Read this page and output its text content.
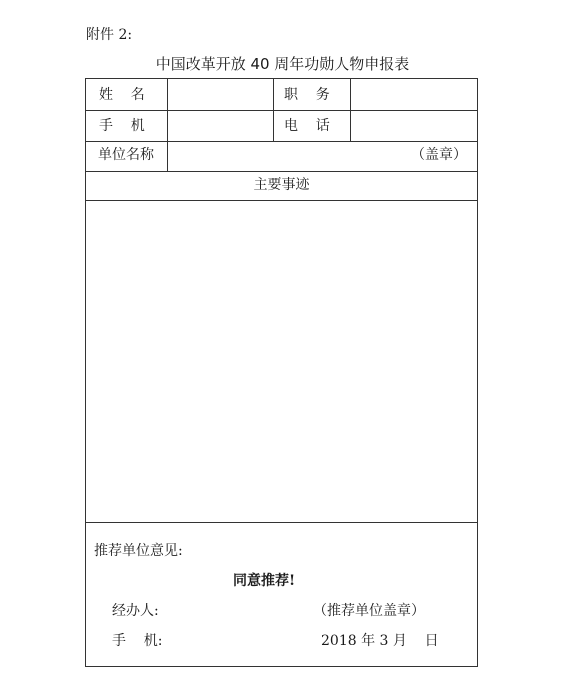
附件 2:
中国改革开放 40 周年功勋人物申报表
姓    名	职    务
手    机	电    话
单位名称	（盖章）
主要事迹
推荐单位意见:
同意推荐!
经办人:	（推荐单位盖章）
手    机:	2018 年 3 月    日
